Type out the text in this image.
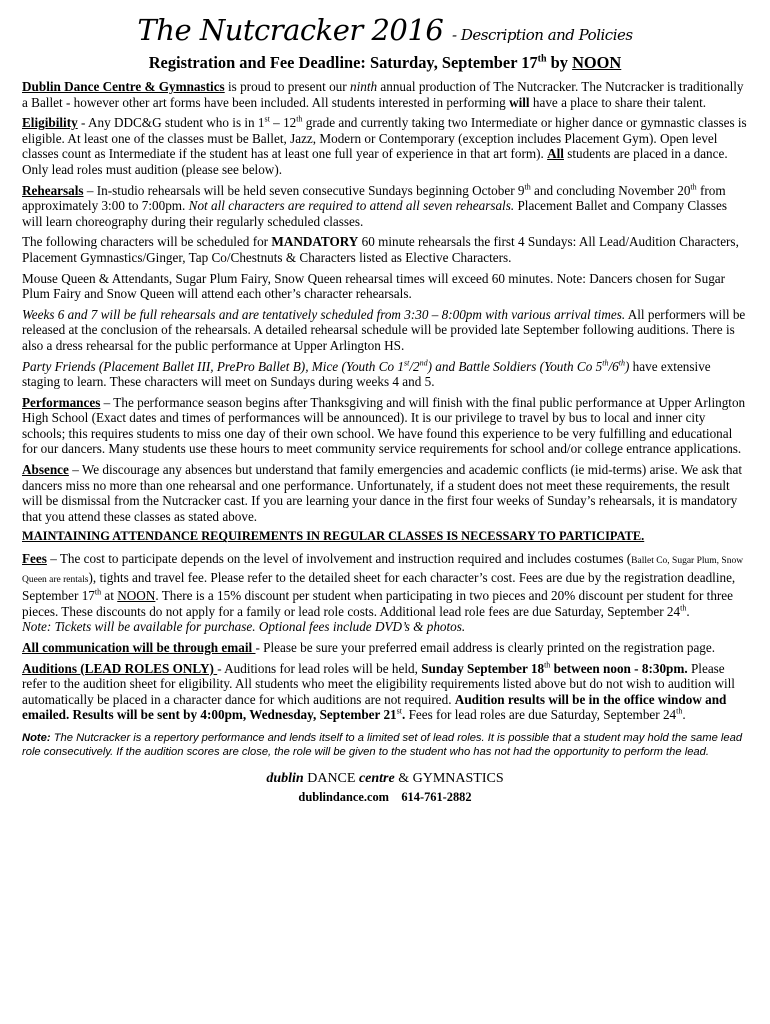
The Nutcracker 2016 - Description and Policies
Registration and Fee Deadline: Saturday, September 17th by NOON

Dublin Dance Centre & Gymnastics is proud to present our ninth annual production of The Nutcracker. The Nutcracker is traditionally a Ballet - however other art forms have been included. All students interested in performing will have a place to share their talent.

Eligibility - Any DDC&G student who is in 1st – 12th grade and currently taking two Intermediate or higher dance or gymnastic classes is eligible. At least one of the classes must be Ballet, Jazz, Modern or Contemporary (exception includes Placement Gym). Open level classes count as Intermediate if the student has at least one full year of experience in that art form). All students are placed in a dance. Only lead roles must audition (please see below).

Rehearsals – In-studio rehearsals will be held seven consecutive Sundays beginning October 9th and concluding November 20th from approximately 3:00 to 7:00pm. Not all characters are required to attend all seven rehearsals. Placement Ballet and Company Classes will learn choreography during their regularly scheduled classes.

The following characters will be scheduled for MANDATORY 60 minute rehearsals the first 4 Sundays: All Lead/Audition Characters, Placement Gymnastics/Ginger, Tap Co/Chestnuts & Characters listed as Elective Characters.

Mouse Queen & Attendants, Sugar Plum Fairy, Snow Queen rehearsal times will exceed 60 minutes. Note: Dancers chosen for Sugar Plum Fairy and Snow Queen will attend each other’s character rehearsals.

Weeks 6 and 7 will be full rehearsals and are tentatively scheduled from 3:30 – 8:00pm with various arrival times. All performers will be released at the conclusion of the rehearsals. A detailed rehearsal schedule will be provided late September following auditions. There is also a dress rehearsal for the public performance at Upper Arlington HS.

Party Friends (Placement Ballet III, PrePro Ballet B), Mice (Youth Co 1st/2nd) and Battle Soldiers (Youth Co 5th/6th) have extensive staging to learn. These characters will meet on Sundays during weeks 4 and 5.

Performances – The performance season begins after Thanksgiving and will finish with the final public performance at Upper Arlington High School (Exact dates and times of performances will be announced). It is our privilege to travel by bus to local and inner city schools; this requires students to miss one day of their own school. We have found this experience to be very fulfilling and educational for our dancers. Many students use these hours to meet community service requirements for school and/or college entrance applications.

Absence – We discourage any absences but understand that family emergencies and academic conflicts (ie mid-terms) arise. We ask that dancers miss no more than one rehearsal and one performance. Unfortunately, if a student does not meet these requirements, the result will be dismissal from the Nutcracker cast. If you are learning your dance in the first four weeks of Sunday’s rehearsals, it is mandatory that you attend these classes as stated above.

MAINTAINING ATTENDANCE REQUIREMENTS IN REGULAR CLASSES IS NECESSARY TO PARTICIPATE.

Fees – The cost to participate depends on the level of involvement and instruction required and includes costumes (Ballet Co, Sugar Plum, Snow Queen are rentals), tights and travel fee. Please refer to the detailed sheet for each character’s cost. Fees are due by the registration deadline, September 17th at NOON. There is a 15% discount per student when participating in two pieces and 20% discount per student for three pieces. These discounts do not apply for a family or lead role costs. Additional lead role fees are due Saturday, September 24th.
Note: Tickets will be available for purchase. Optional fees include DVD’s & photos.

All communication will be through email - Please be sure your preferred email address is clearly printed on the registration page.

Auditions (LEAD ROLES ONLY) - Auditions for lead roles will be held, Sunday September 18th between noon - 8:30pm. Please refer to the audition sheet for eligibility. All students who meet the eligibility requirements listed above but do not wish to audition will automatically be placed in a character dance for which auditions are not required. Audition results will be in the office window and emailed. Results will be sent by 4:00pm, Wednesday, September 21st. Fees for lead roles are due Saturday, September 24th.

Note: The Nutcracker is a repertory performance and lends itself to a limited set of lead roles. It is possible that a student may hold the same lead role consecutively. If the audition scores are close, the role will be given to the student who has not had the opportunity to perform the lead.

dublin DANCE centre & GYMNASTICS
dublindance.com 614-761-2882
